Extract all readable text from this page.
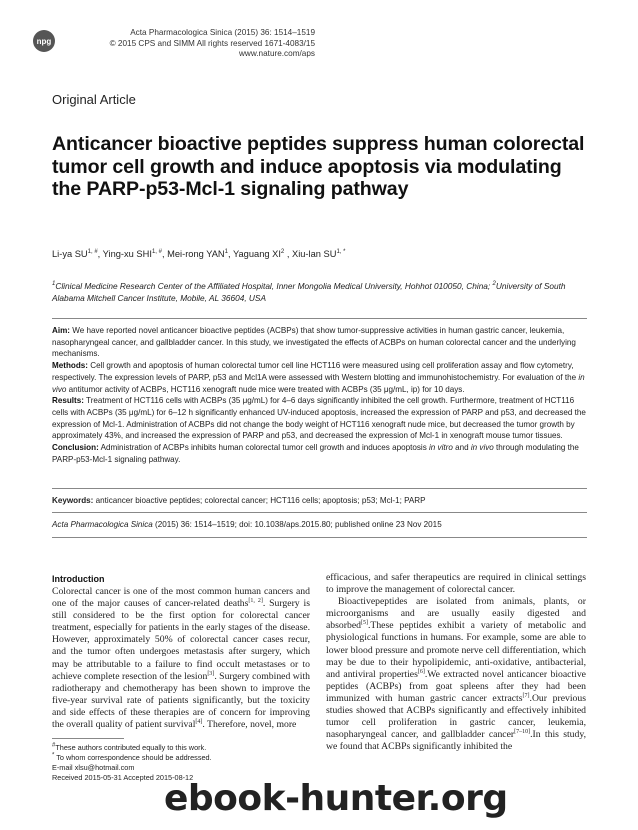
npg
Acta Pharmacologica Sinica (2015) 36: 1514–1519
© 2015 CPS and SIMM All rights reserved 1671-4083/15
www.nature.com/aps
Original Article
Anticancer bioactive peptides suppress human colorectal tumor cell growth and induce apoptosis via modulating the PARP-p53-Mcl-1 signaling pathway
Li-ya $SU^{1, \#}$, Ying-xu $SHI^{1, \#}$, Mei-rong YAN$^1$, Yaguang $XI^2$ , Xiu-lan $SU^{1, *}$
$^1$Clinical Medicine Research Center of the Affiliated Hospital, Inner Mongolia Medical University, Hohhot 010050, China; $^2$University of South Alabama Mitchell Cancer Institute, Mobile, AL 36604, USA

Aim: We have reported novel anticancer bioactive peptides (ACBPs) that show tumor-suppressive activities in human gastric cancer, leukemia, nasopharyngeal cancer, and gallbladder cancer. In this study, we investigated the effects of ACBPs on human colorectal cancer and the underlying mechanisms.

Methods: Cell growth and apoptosis of human colorectal tumor cell line HCT116 were measured using cell proliferation assay and flow cytometry, respectively. The expression levels of PARP, p53 and Mcl1A were assessed with Western blotting and immunohistochemistry. For evaluation of the in vivo antitumor activity of ACBPs, HCT116 xenograft nude mice were treated with ACBPs (35 μg/mL, ip) for 10 days.

Results: Treatment of HCT116 cells with ACBPs (35 μg/mL) for 4–6 days significantly inhibited the cell growth. Furthermore, treatment of HCT116 cells with ACBPs (35 μg/mL) for 6–12 h significantly enhanced UV-induced apoptosis, increased the expression of PARP and p53, and decreased the expression of Mcl-1. Administration of ACBPs did not change the body weight of HCT116 xenograft nude mice, but decreased the tumor growth by approximately 43%, and increased the expression of PARP and p53, and decreased the expression of Mcl-1 in xenograft mouse tumor tissues.

Conclusion: Administration of ACBPs inhibits human colorectal tumor cell growth and induces apoptosis in vitro and in vivo through modulating the PARP-p53-Mcl-1 signaling pathway.

Keywords: anticancer bioactive peptides; colorectal cancer; HCT116 cells; apoptosis; p53; Mcl-1; PARP
Acta Pharmacologica Sinica (2015) 36: 1514–1519; doi: 10.1038/aps.2015.80; published online 23 Nov 2015
Introduction

Colorectal cancer is one of the most common human cancers and one of the major causes of cancer-related deaths[1, 2]. Surgery is still considered to be the first option for colorectal cancer treatment, especially for patients in the early stages of the disease. However, approximately 50% of colorectal cancer cases recur, and the tumor often undergoes metastasis after surgery, which may be attributable to a failure to find occult metastases or to achieve complete resection of the lesion[3]. Surgery combined with radiotherapy and chemotherapy has been shown to improve the five-year survival rate of patients significantly, but the toxicity and side effects of these therapies are of concern for improving the overall quality of patient survival[4]. Therefore, novel, more

efficacious, and safer therapeutics are required in clinical settings to improve the management of colorectal cancer.

Bioactivepeptides are isolated from animals, plants, or microorganisms and are usually easily digested and absorbed[5].These peptides exhibit a variety of metabolic and physiological functions in humans. For example, some are able to lower blood pressure and promote nerve cell differentiation, which may be due to their hypolipidemic, anti-oxidative, antibacterial, and antiviral properties[6].We extracted novel anticancer bioactive peptides (ACBPs) from goat spleens after they had been immunized with human gastric cancer extracts[7].Our previous studies showed that ACBPs significantly and effectively inhibited tumor cell proliferation in gastric cancer, leukemia, nasopharyngeal cancer, and gallbladder cancer[7–10].In this study, we found that ACBPs significantly inhibited the

#These authors contributed equally to this work.
* To whom correspondence should be addressed.
E-mail xlsu@hotmail.com
Received 2015-05-31 Accepted 2015-08-12
ebook-hunter.org
